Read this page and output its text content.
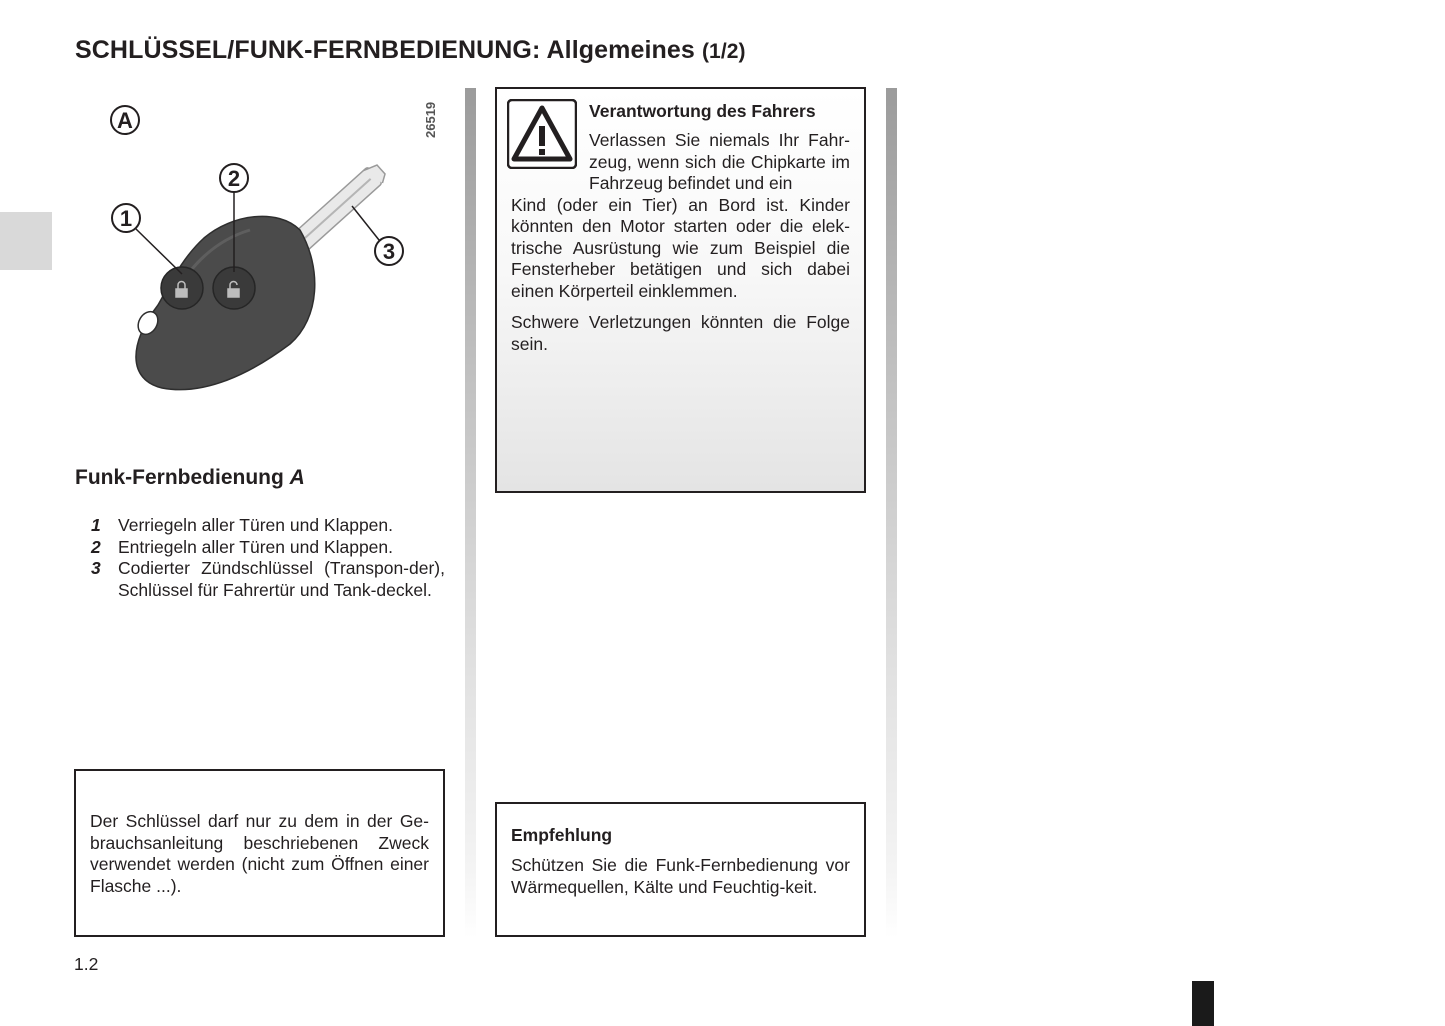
SCHLÜSSEL/FUNK-FERNBEDIENUNG: Allgemeines (1/2)
A
1
2
3
26519
Funk-Fernbedienung A
1 Verriegeln aller Türen und Klappen.
2 Entriegeln aller Türen und Klappen.
3 Codierter Zündschlüssel (Transpon-der), Schlüssel für Fahrertür und Tank-deckel.

Der Schlüssel darf nur zu dem in der Ge-brauchsanleitung beschriebenen Zweck verwendet werden (nicht zum Öffnen einer Flasche ...).

Verantwortung des Fahrers

Verlassen Sie niemals Ihr Fahr-zeug, wenn sich die Chipkarte im Fahrzeug befindet und ein

Kind (oder ein Tier) an Bord ist. Kinder könnten den Motor starten oder die elek-trische Ausrüstung wie zum Beispiel die Fensterheber betätigen und sich dabei einen Körperteil einklemmen.

Schwere Verletzungen könnten die Folge sein.

Empfehlung

Schützen Sie die Funk-Fernbedienung vor Wärmequellen, Kälte und Feuchtig-keit.

1.2
